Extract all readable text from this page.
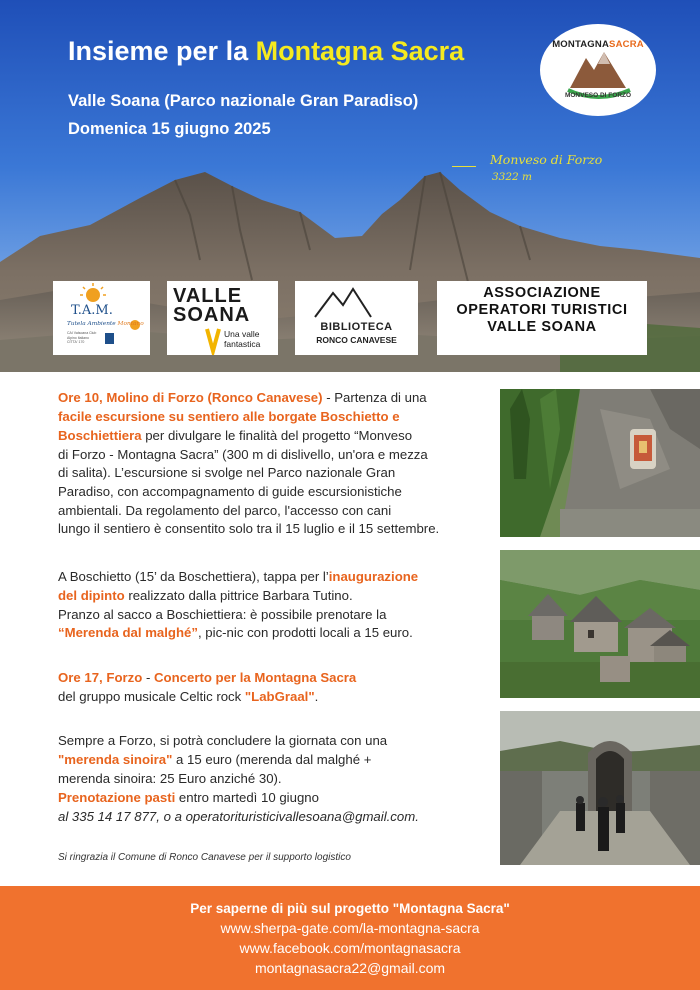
Insieme per la Montagna Sacra
Valle Soana (Parco nazionale Gran Paradiso)
Domenica 15 giugno 2025
MONTAGNASACRA
MONVESO DI FORZO
Monveso di Forzo
3322 m
T.A.M.
Tutela Ambiente Montano
CAI Valsoana Club Alpino Italiano CITTA' 170
VALLE
SOANA
Una valle
fantastica
BIBLIOTECA
RONCO CANAVESE
ASSOCIAZIONE
OPERATORI TURISTICI
VALLE SOANA
Ore 10, Molino di Forzo (Ronco Canavese) - Partenza di una
facile escursione su sentiero alle borgate Boschietto e
Boschiettiera per divulgare le finalità del progetto “Monveso
di Forzo - Montagna Sacra” (300 m di dislivello, un'ora e mezza
di salita). L’escursione si svolge nel Parco nazionale Gran
Paradiso, con accompagnamento di guide escursionistiche
ambientali. Da regolamento del parco, l'accesso con cani
lungo il sentiero è consentito solo tra il 15 luglio e il 15 settembre.
A Boschietto (15’ da Boschettiera), tappa per l’inaugurazione
del dipinto realizzato dalla pittrice Barbara Tutino.
Pranzo al sacco a Boschiettiera: è possibile prenotare la
“Merenda dal malghé”, pic-nic con prodotti locali a 15 euro.
Ore 17, Forzo - Concerto per la Montagna Sacra
del gruppo musicale Celtic rock "LabGraal".
Sempre a Forzo, si potrà concludere la giornata con una
"merenda sinoira" a 15 euro (merenda dal malghé +
merenda sinoira: 25 Euro anziché 30).
Prenotazione pasti entro martedì 10 giugno
al 335 14 17 877, o a operatorituristicivallesoana@gmail.com.
Si ringrazia il Comune di Ronco Canavese per il supporto logistico
Per saperne di più sul progetto "Montagna Sacra"
www.sherpa-gate.com/la-montagna-sacra
www.facebook.com/montagnasacra
montagnasacra22@gmail.com
